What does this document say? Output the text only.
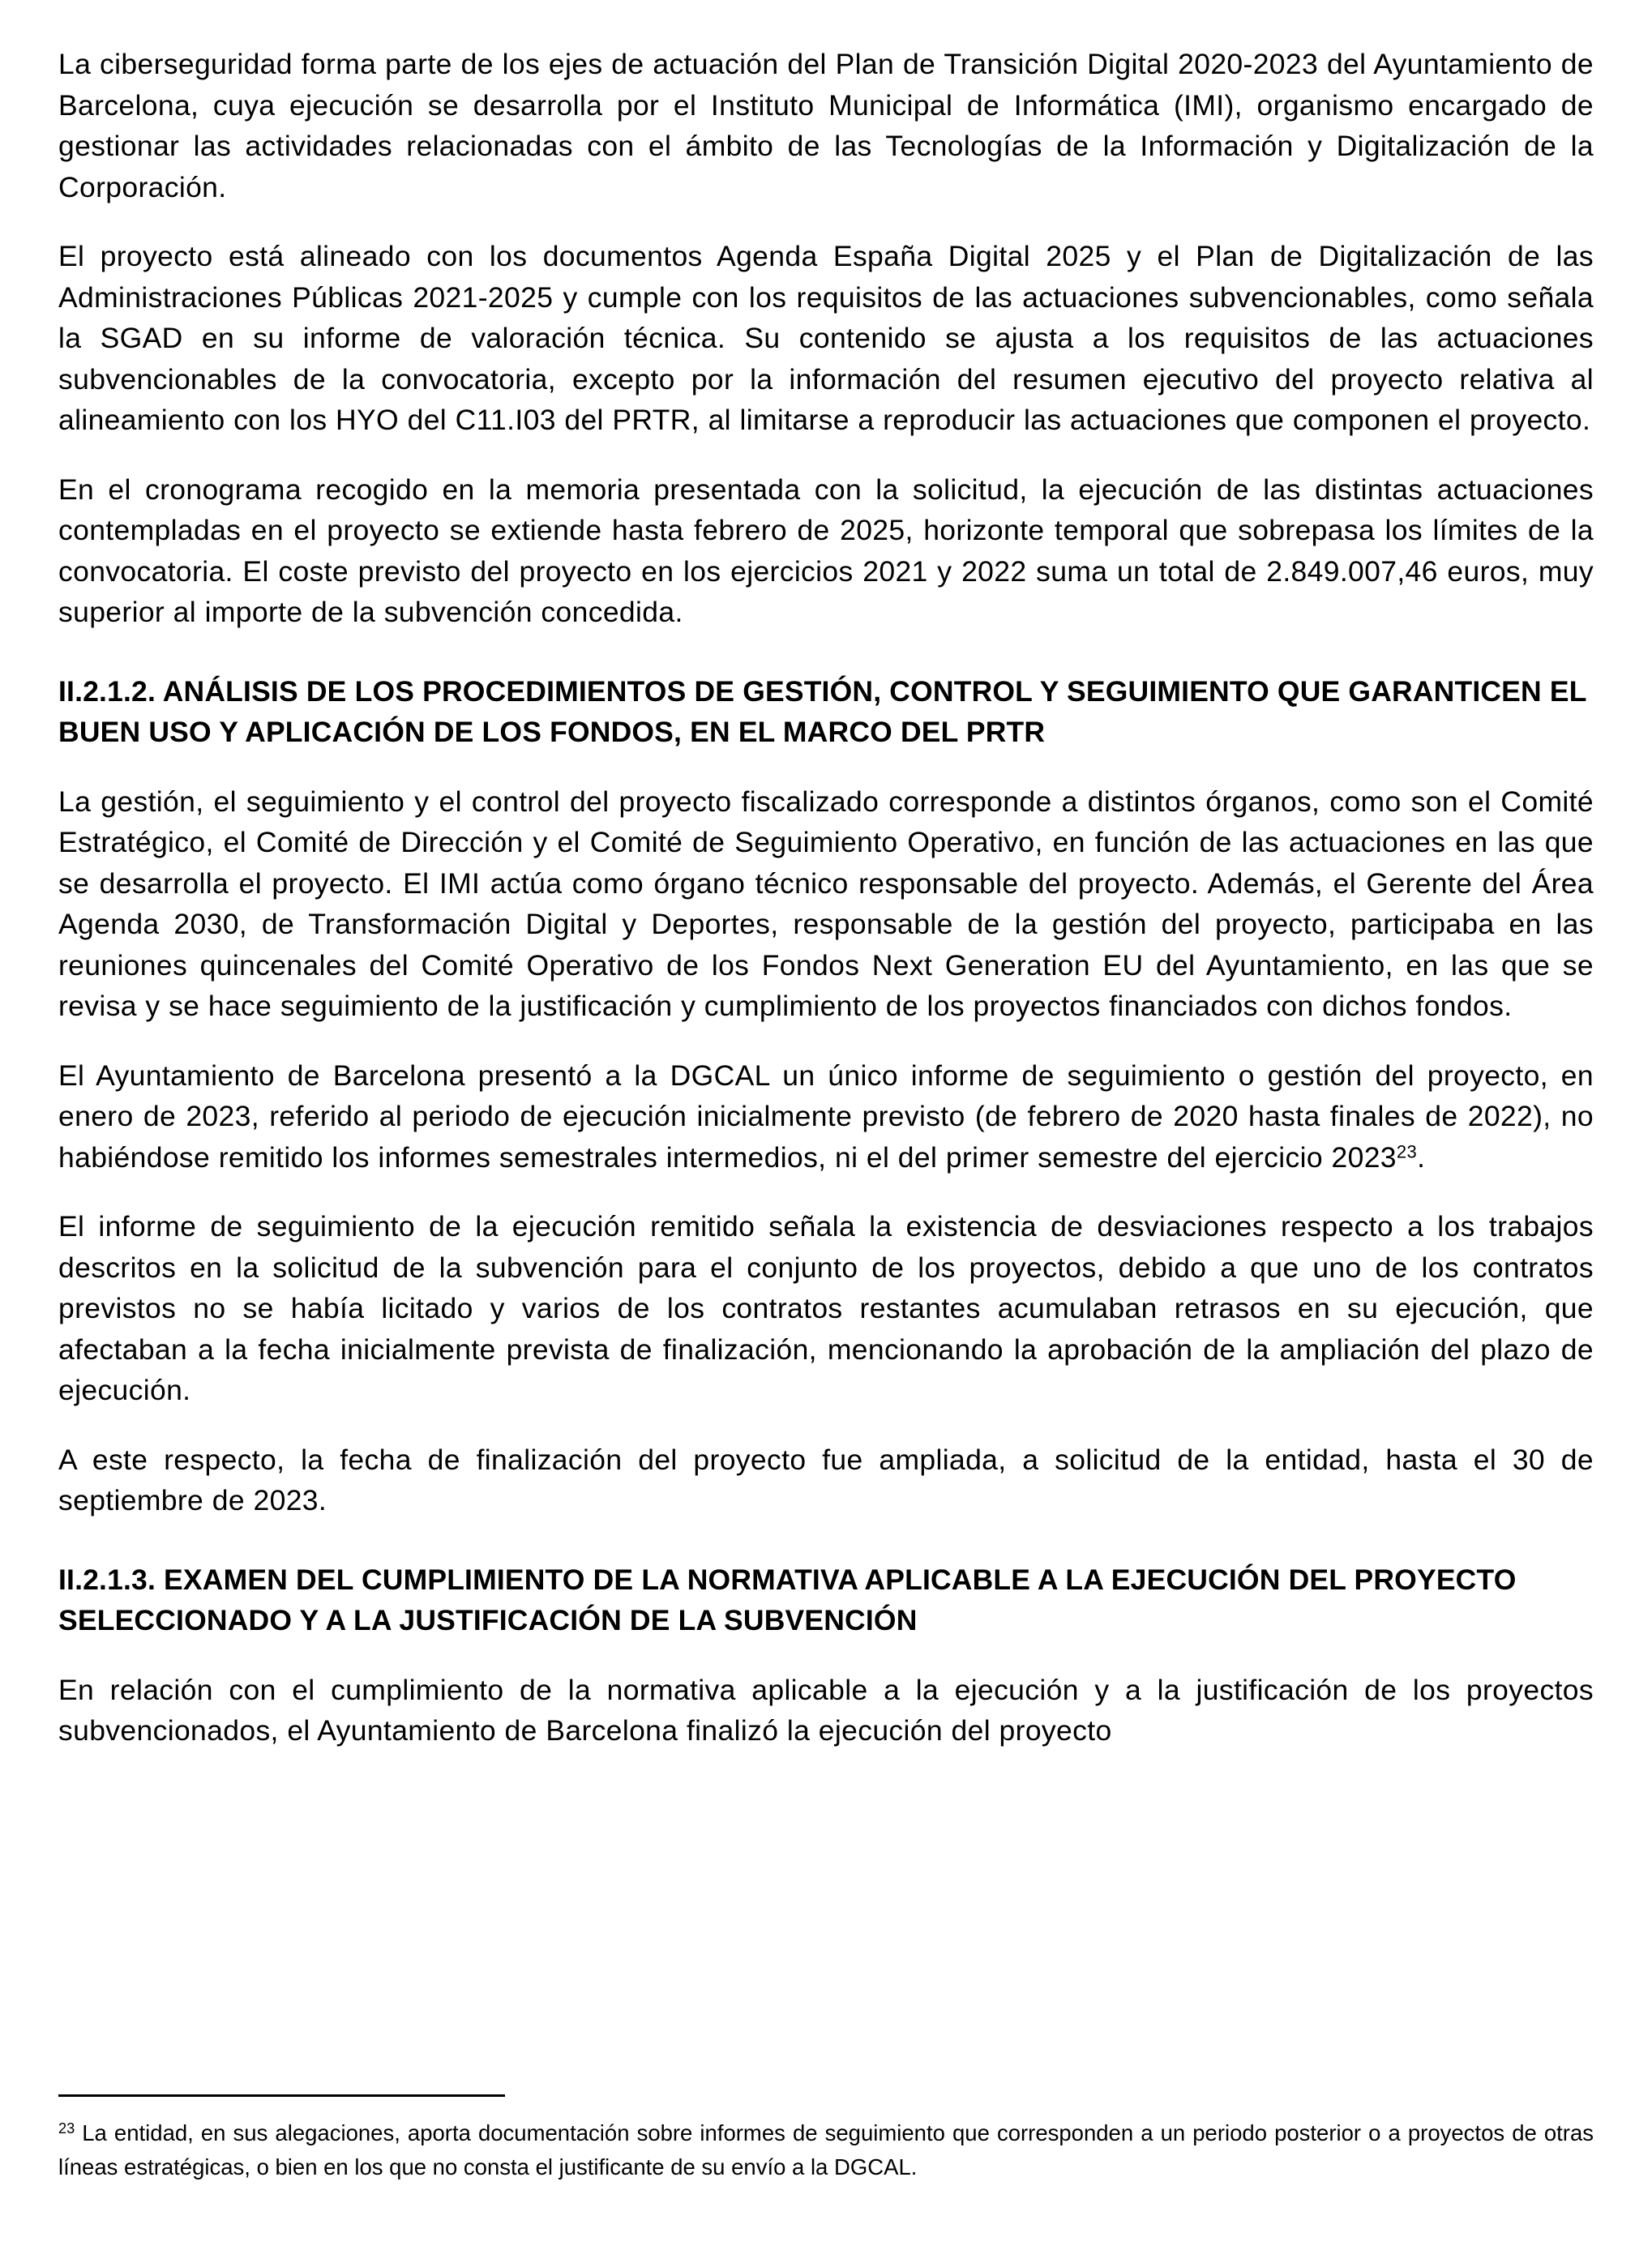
La ciberseguridad forma parte de los ejes de actuación del Plan de Transición Digital 2020-2023 del Ayuntamiento de Barcelona, cuya ejecución se desarrolla por el Instituto Municipal de Informática (IMI), organismo encargado de gestionar las actividades relacionadas con el ámbito de las Tecnologías de la Información y Digitalización de la Corporación.

El proyecto está alineado con los documentos Agenda España Digital 2025 y el Plan de Digitalización de las Administraciones Públicas 2021-2025 y cumple con los requisitos de las actuaciones subvencionables, como señala la SGAD en su informe de valoración técnica. Su contenido se ajusta a los requisitos de las actuaciones subvencionables de la convocatoria, excepto por la información del resumen ejecutivo del proyecto relativa al alineamiento con los HYO del C11.I03 del PRTR, al limitarse a reproducir las actuaciones que componen el proyecto.

En el cronograma recogido en la memoria presentada con la solicitud, la ejecución de las distintas actuaciones contempladas en el proyecto se extiende hasta febrero de 2025, horizonte temporal que sobrepasa los límites de la convocatoria. El coste previsto del proyecto en los ejercicios 2021 y 2022 suma un total de 2.849.007,46 euros, muy superior al importe de la subvención concedida.

II.2.1.2. ANÁLISIS DE LOS PROCEDIMIENTOS DE GESTIÓN, CONTROL Y SEGUIMIENTO QUE GARANTICEN EL BUEN USO Y APLICACIÓN DE LOS FONDOS, EN EL MARCO DEL PRTR

La gestión, el seguimiento y el control del proyecto fiscalizado corresponde a distintos órganos, como son el Comité Estratégico, el Comité de Dirección y el Comité de Seguimiento Operativo, en función de las actuaciones en las que se desarrolla el proyecto. El IMI actúa como órgano técnico responsable del proyecto. Además, el Gerente del Área Agenda 2030, de Transformación Digital y Deportes, responsable de la gestión del proyecto, participaba en las reuniones quincenales del Comité Operativo de los Fondos Next Generation EU del Ayuntamiento, en las que se revisa y se hace seguimiento de la justificación y cumplimiento de los proyectos financiados con dichos fondos.

El Ayuntamiento de Barcelona presentó a la DGCAL un único informe de seguimiento o gestión del proyecto, en enero de 2023, referido al periodo de ejecución inicialmente previsto (de febrero de 2020 hasta finales de 2022), no habiéndose remitido los informes semestrales intermedios, ni el del primer semestre del ejercicio 2023$^{23}$.

El informe de seguimiento de la ejecución remitido señala la existencia de desviaciones respecto a los trabajos descritos en la solicitud de la subvención para el conjunto de los proyectos, debido a que uno de los contratos previstos no se había licitado y varios de los contratos restantes acumulaban retrasos en su ejecución, que afectaban a la fecha inicialmente prevista de finalización, mencionando la aprobación de la ampliación del plazo de ejecución.

A este respecto, la fecha de finalización del proyecto fue ampliada, a solicitud de la entidad, hasta el 30 de septiembre de 2023.

II.2.1.3. EXAMEN DEL CUMPLIMIENTO DE LA NORMATIVA APLICABLE A LA EJECUCIÓN DEL PROYECTO SELECCIONADO Y A LA JUSTIFICACIÓN DE LA SUBVENCIÓN

En relación con el cumplimiento de la normativa aplicable a la ejecución y a la justificación de los proyectos subvencionados, el Ayuntamiento de Barcelona finalizó la ejecución del proyecto

$^{23}$ La entidad, en sus alegaciones, aporta documentación sobre informes de seguimiento que corresponden a un periodo posterior o a proyectos de otras líneas estratégicas, o bien en los que no consta el justificante de su envío a la DGCAL.
